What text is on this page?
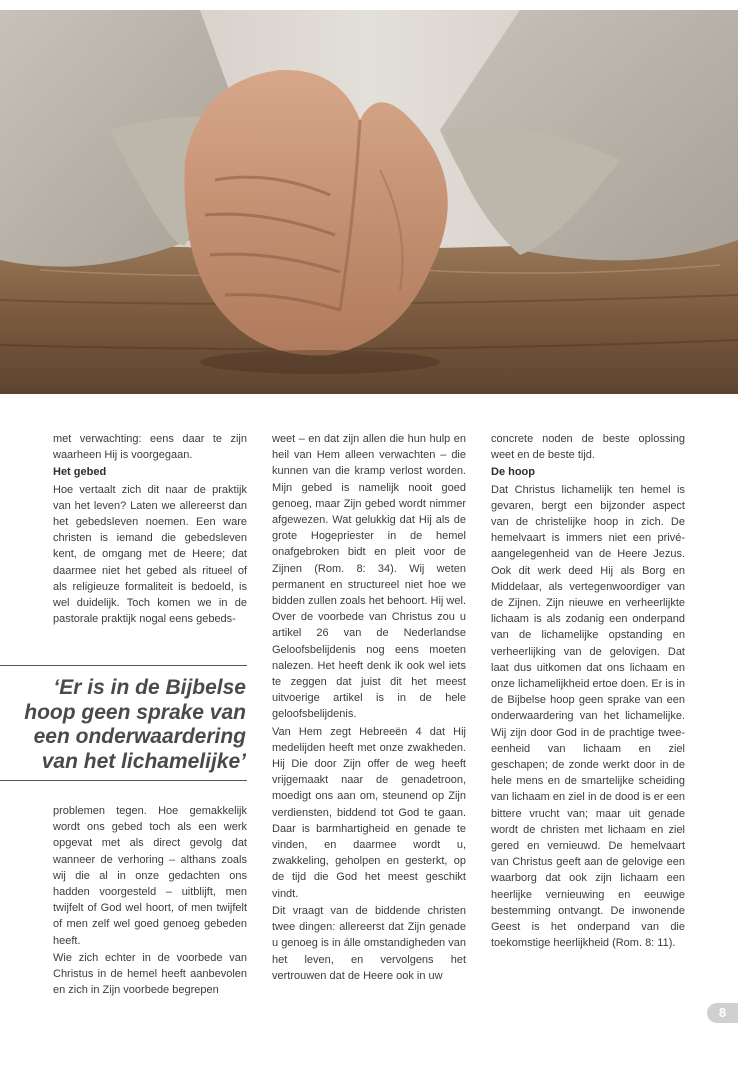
met verwachting: eens daar te zijn waarheen Hij is voorgegaan.

Het gebed

Hoe vertaalt zich dit naar de praktijk van het leven? Laten we allereerst dan het gebedsleven noemen. Een ware christen is iemand die gebedsleven kent, de omgang met de Heere; dat daarmee niet het gebed als ritueel of als religieuze formaliteit is bedoeld, is wel duidelijk. Toch komen we in de pastorale praktijk nogal eens gebeds-

‘Er is in de Bijbelse hoop geen sprake van een onderwaardering van het lichamelijke’

problemen tegen. Hoe gemakkelijk wordt ons gebed toch als een werk opgevat met als direct gevolg dat wanneer de verhoring – althans zoals wij die al in onze gedachten ons hadden voorgesteld – uitblijft, men twijfelt of God wel hoort, of men twijfelt of men zelf wel goed genoeg gebeden heeft.

Wie zich echter in de voorbede van Christus in de hemel heeft aanbevolen en zich in Zijn voorbede begrepen

weet – en dat zijn allen die hun hulp en heil van Hem alleen verwachten – die kunnen van die kramp verlost worden. Mijn gebed is namelijk nooit goed genoeg, maar Zijn gebed wordt nimmer afgewezen. Wat gelukkig dat Hij als de grote Hogepriester in de hemel onafgebroken bidt en pleit voor de Zijnen (Rom. 8: 34). Wij weten permanent en structureel niet hoe we bidden zullen zoals het behoort. Hij wel. Over de voorbede van Christus zou u artikel 26 van de Nederlandse Geloofsbelijdenis nog eens moeten nalezen. Het heeft denk ik ook wel iets te zeggen dat juist dit het meest uitvoerige artikel is in de hele geloofsbelijdenis.

Van Hem zegt Hebreeën 4 dat Hij medelijden heeft met onze zwakheden. Hij Die door Zijn offer de weg heeft vrijgemaakt naar de genadetroon, moedigt ons aan om, steunend op Zijn verdiensten, biddend tot God te gaan. Daar is barmhartigheid en genade te vinden, en daarmee wordt u, zwakkeling, geholpen en gesterkt, op de tijd die God het meest geschikt vindt.

Dit vraagt van de biddende christen twee dingen: allereerst dat Zijn genade u genoeg is in álle omstandigheden van het leven, en vervolgens het vertrouwen dat de Heere ook in uw

concrete noden de beste oplossing weet en de beste tijd.

De hoop

Dat Christus lichamelijk ten hemel is gevaren, bergt een bijzonder aspect van de christelijke hoop in zich. De hemelvaart is immers niet een privé-aangelegenheid van de Heere Jezus. Ook dit werk deed Hij als Borg en Middelaar, als vertegenwoordiger van de Zijnen. Zijn nieuwe en verheerlijkte lichaam is als zodanig een onderpand van de lichamelijke opstanding en verheerlijking van de gelovigen. Dat laat dus uitkomen dat ons lichaam en onze lichamelijkheid ertoe doen. Er is in de Bijbelse hoop geen sprake van een onderwaardering van het lichamelijke. Wij zijn door God in de prachtige twee-eenheid van lichaam en ziel geschapen; de zonde werkt door in de hele mens en de smartelijke scheiding van lichaam en ziel in de dood is er een bittere vrucht van; maar uit genade wordt de christen met lichaam en ziel gered en vernieuwd. De hemelvaart van Christus geeft aan de gelovige een waarborg dat ook zijn lichaam een heerlijke vernieuwing en eeuwige bestemming ontvangt. De inwonende Geest is het onderpand van die toekomstige heerlijkheid (Rom. 8: 11).

8
